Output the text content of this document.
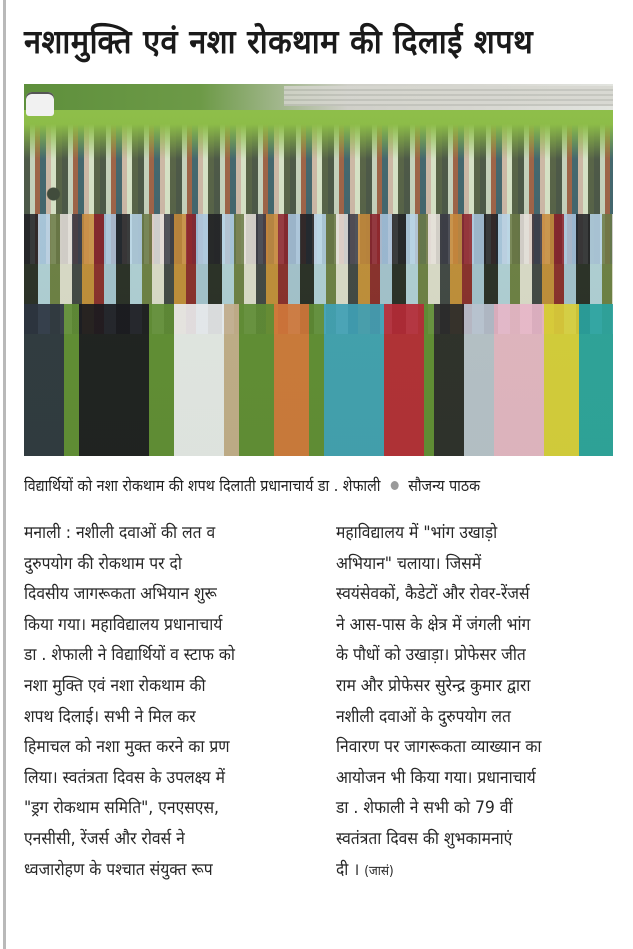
नशामुक्ति एवं नशा रोकथाम की दिलाई शपथ
विद्यार्थियों को नशा रोकथाम की शपथ दिलाती प्रधानाचार्य डा . शेफाली सौजन्य पाठक
मनाली : नशीली दवाओं की लत व
दुरुपयोग की रोकथाम पर दो
दिवसीय जागरूकता अभियान शुरू
किया गया। महाविद्यालय प्रधानाचार्य
डा . शेफाली ने विद्यार्थियों व स्टाफ को
नशा मुक्ति एवं नशा रोकथाम की
शपथ दिलाई। सभी ने मिल कर
हिमाचल को नशा मुक्त करने का प्रण
लिया। स्वतंत्रता दिवस के उपलक्ष्य में
"ड्रग रोकथाम समिति", एनएसएस,
एनसीसी, रेंजर्स और रोवर्स ने
ध्वजारोहण के पश्चात संयुक्त रूप
महाविद्यालय में "भांग उखाड़ो
अभियान" चलाया। जिसमें
स्वयंसेवकों, कैडेटों और रोवर-रेंजर्स
ने आस-पास के क्षेत्र में जंगली भांग
के पौधों को उखाड़ा। प्रोफेसर जीत
राम और प्रोफेसर सुरेन्द्र कुमार द्वारा
नशीली दवाओं के दुरुपयोग लत
निवारण पर जागरूकता व्याख्यान का
आयोजन भी किया गया। प्रधानाचार्य
डा . शेफाली ने सभी को 79 वीं
स्वतंत्रता दिवस की शुभकामनाएं
दी । (जासं)
